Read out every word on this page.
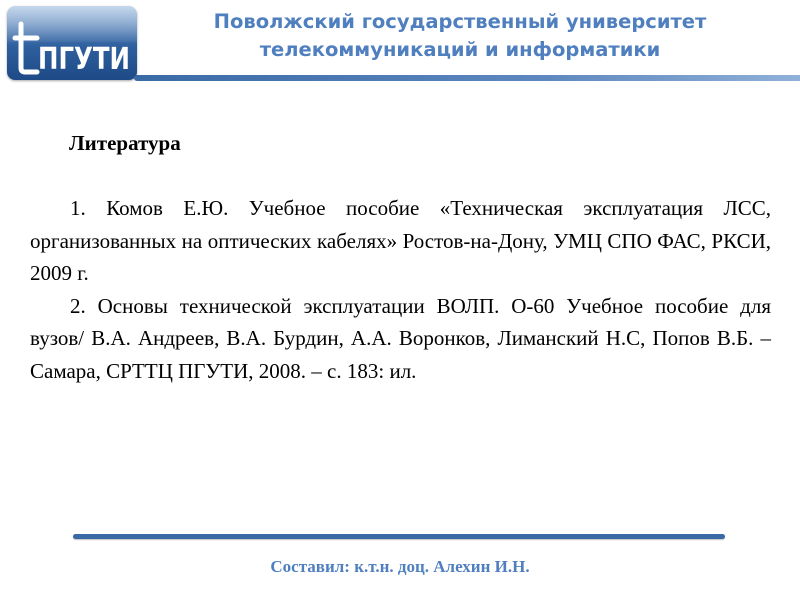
ПГУТИ
Поволжский государственный университет
телекоммуникаций и информатики
Литература

1. Комов Е.Ю. Учебное пособие «Техническая эксплуатация ЛСС, организованных на оптических кабелях» Ростов-на-Дону, УМЦ СПО ФАС, РКСИ, 2009 г.

2. Основы технической эксплуатации ВОЛП. О-60 Учебное пособие для вузов/ В.А. Андреев, В.А. Бурдин, А.А. Воронков, Лиманский Н.С, Попов В.Б. – Самара, СРТТЦ ПГУТИ, 2008. – с. 183: ил.

Составил: к.т.н. доц. Алехин И.Н.
